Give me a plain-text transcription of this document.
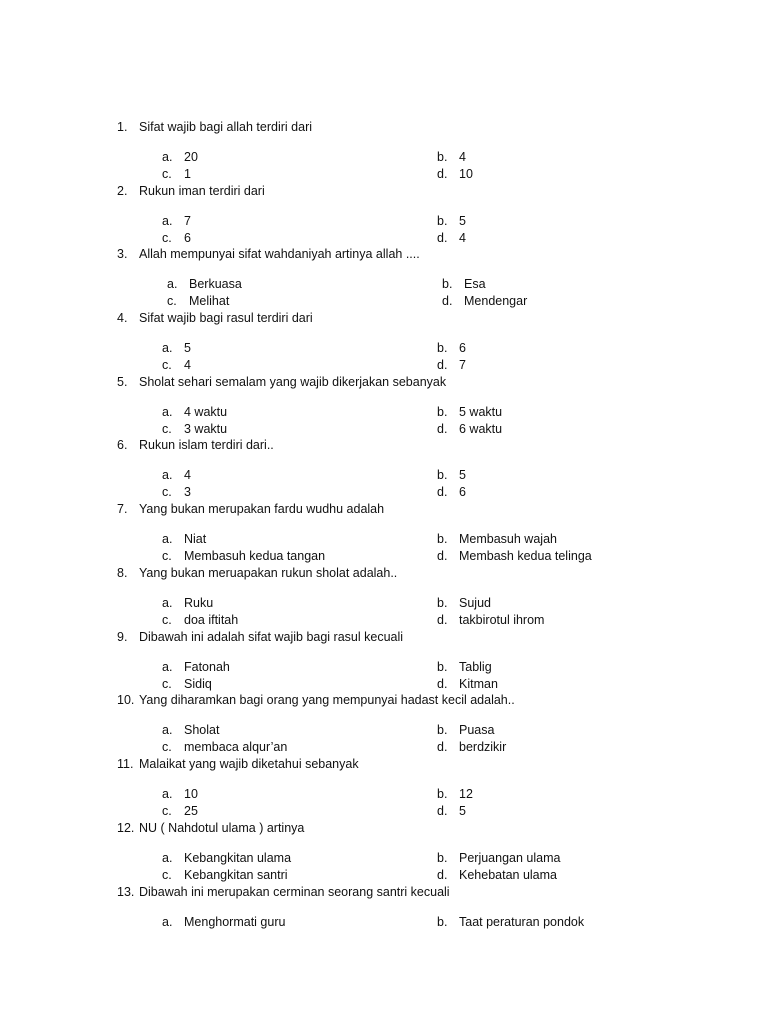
1. Sifat wajib bagi allah terdiri dari
a. 20	b. 4
c. 1	d. 10
2. Rukun iman terdiri dari
a. 7	b. 5
c. 6	d. 4
3. Allah mempunyai sifat wahdaniyah artinya allah ....
a. Berkuasa	b. Esa
c. Melihat	d. Mendengar
4. Sifat wajib bagi rasul terdiri dari
a. 5	b. 6
c. 4	d. 7
5. Sholat sehari semalam yang wajib dikerjakan sebanyak
a. 4 waktu	b. 5 waktu
c. 3 waktu	d. 6 waktu
6. Rukun islam terdiri dari..
a. 4	b. 5
c. 3	d. 6
7. Yang bukan merupakan fardu wudhu adalah
a. Niat	b. Membasuh wajah
c. Membasuh kedua tangan	d. Membash kedua telinga
8. Yang bukan meruapakan rukun sholat adalah..
a. Ruku	b. Sujud
c. doa iftitah	d. takbirotul ihrom
9. Dibawah ini adalah sifat wajib bagi rasul kecuali
a. Fatonah	b. Tablig
c. Sidiq	d. Kitman
10. Yang diharamkan bagi orang yang mempunyai hadast kecil adalah..
a. Sholat	b. Puasa
c. membaca alqur’an	d. berdzikir
11. Malaikat yang wajib diketahui sebanyak
a. 10	b. 12
c. 25	d. 5
12. NU ( Nahdotul ulama ) artinya
a. Kebangkitan ulama	b. Perjuangan ulama
c. Kebangkitan santri	d. Kehebatan ulama
13. Dibawah ini merupakan cerminan seorang santri kecuali
a. Menghormati guru	b. Taat peraturan pondok
